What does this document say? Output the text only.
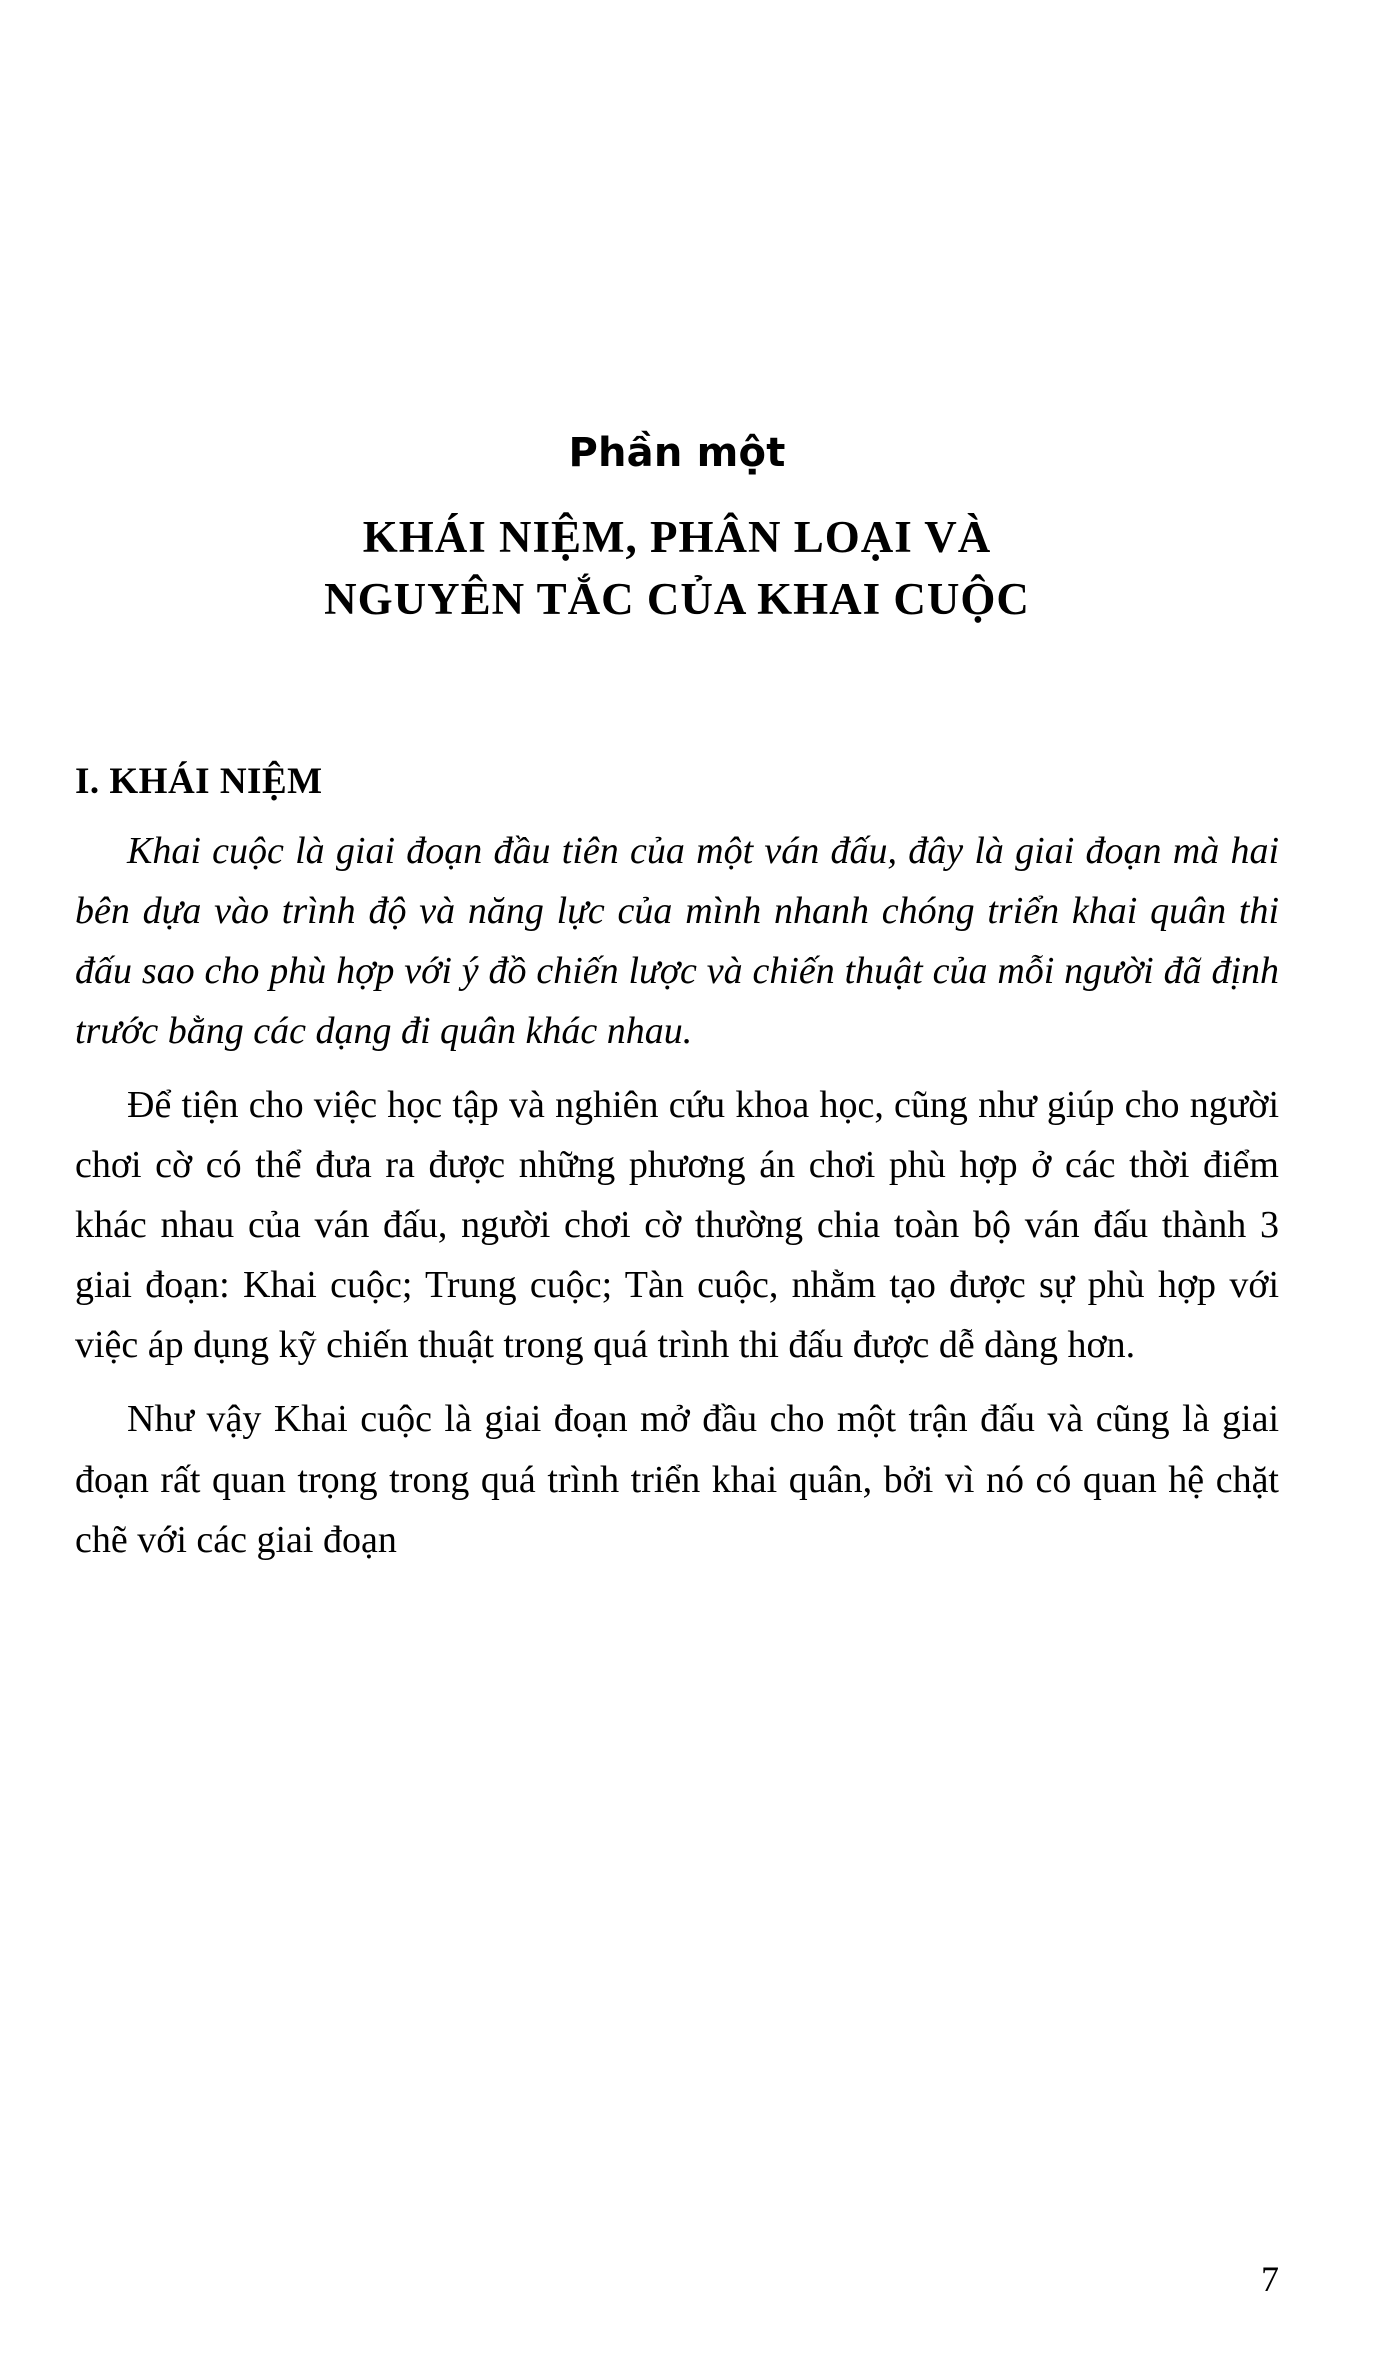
Phần một
KHÁI NIỆM, PHÂN LOẠI VÀ
NGUYÊN TẮC CỦA KHAI CUỘC
I. KHÁI NIỆM

Khai cuộc là giai đoạn đầu tiên của một ván đấu, đây là giai đoạn mà hai bên dựa vào trình độ và năng lực của mình nhanh chóng triển khai quân thi đấu sao cho phù hợp với ý đồ chiến lược và chiến thuật của mỗi người đã định trước bằng các dạng đi quân khác nhau.

Để tiện cho việc học tập và nghiên cứu khoa học, cũng như giúp cho người chơi cờ có thể đưa ra được những phương án chơi phù hợp ở các thời điểm khác nhau của ván đấu, người chơi cờ thường chia toàn bộ ván đấu thành 3 giai đoạn: Khai cuộc; Trung cuộc; Tàn cuộc, nhằm tạo được sự phù hợp với việc áp dụng kỹ chiến thuật trong quá trình thi đấu được dễ dàng hơn.

Như vậy Khai cuộc là giai đoạn mở đầu cho một trận đấu và cũng là giai đoạn rất quan trọng trong quá trình triển khai quân, bởi vì nó có quan hệ chặt chẽ với các giai đoạn

7
